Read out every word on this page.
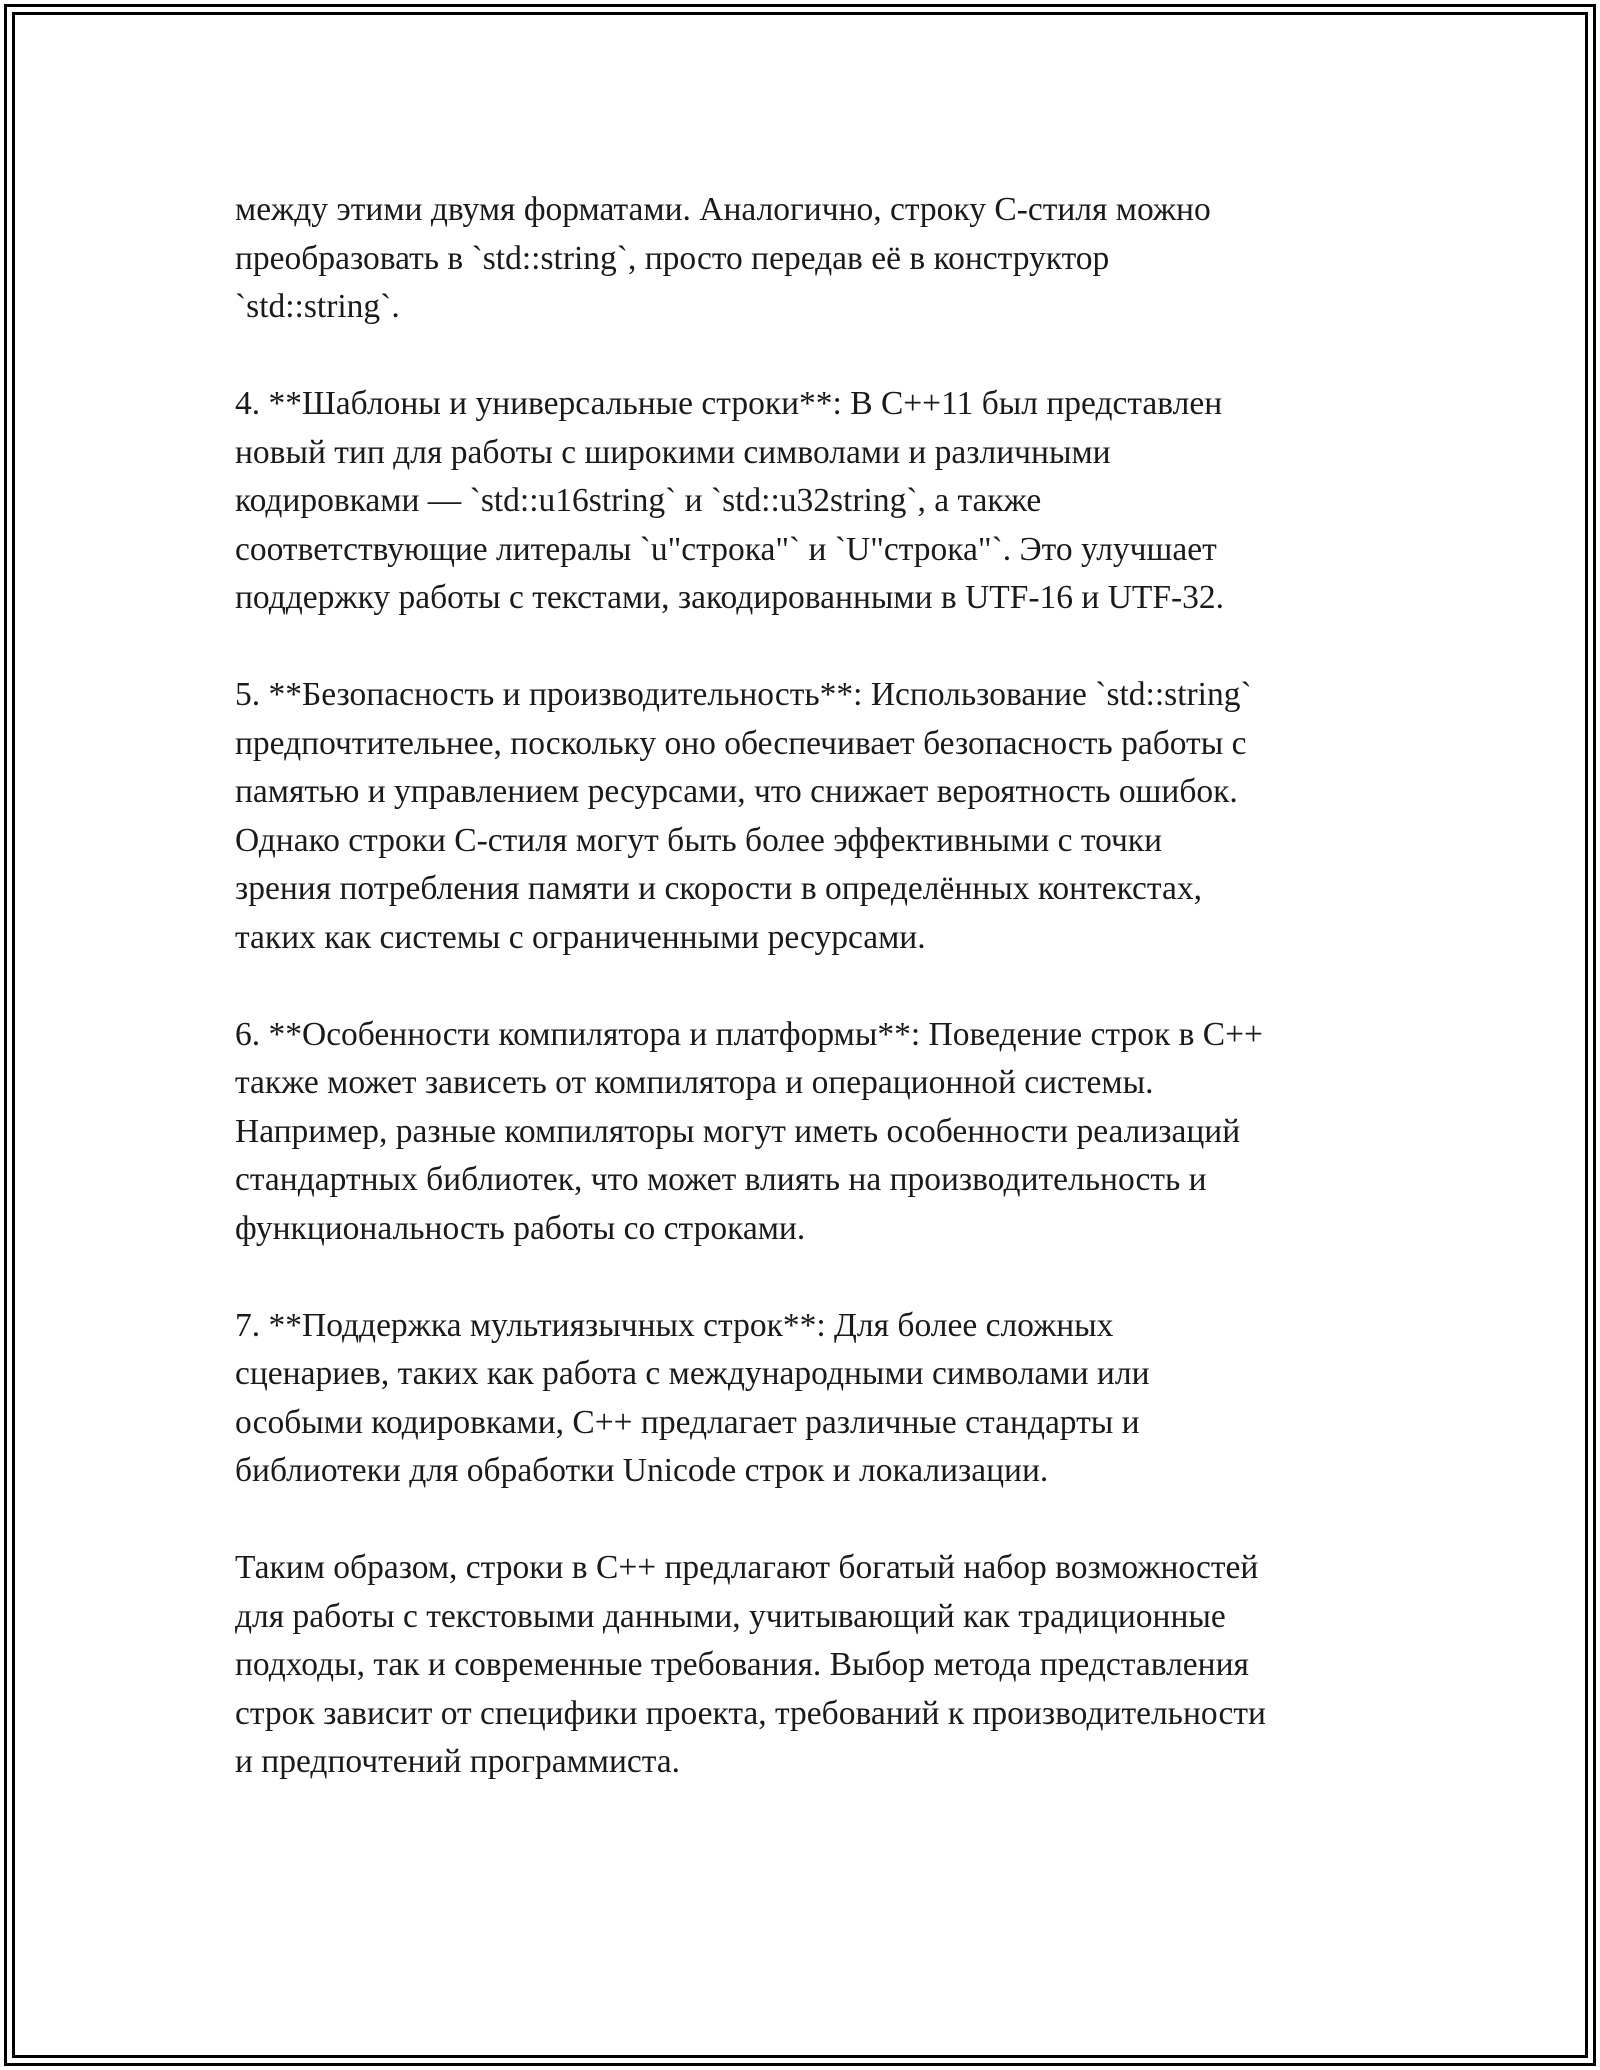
между этими двумя форматами. Аналогично, строку C-стиля можно
преобразовать в `std::string`, просто передав её в конструктор
`std::string`.
4. **Шаблоны и универсальные строки**: В C++11 был представлен
новый тип для работы с широкими символами и различными
кодировками — `std::u16string` и `std::u32string`, а также
соответствующие литералы `u"строка"` и `U"строка"`. Это улучшает
поддержку работы с текстами, закодированными в UTF-16 и UTF-32.
5. **Безопасность и производительность**: Использование `std::string`
предпочтительнее, поскольку оно обеспечивает безопасность работы с
памятью и управлением ресурсами, что снижает вероятность ошибок.
Однако строки C-стиля могут быть более эффективными с точки
зрения потребления памяти и скорости в определённых контекстах,
таких как системы с ограниченными ресурсами.
6. **Особенности компилятора и платформы**: Поведение строк в C++
также может зависеть от компилятора и операционной системы.
Например, разные компиляторы могут иметь особенности реализаций
стандартных библиотек, что может влиять на производительность и
функциональность работы со строками.
7. **Поддержка мультиязычных строк**: Для более сложных
сценариев, таких как работа с международными символами или
особыми кодировками, C++ предлагает различные стандарты и
библиотеки для обработки Unicode строк и локализации.
Таким образом, строки в C++ предлагают богатый набор возможностей
для работы с текстовыми данными, учитывающий как традиционные
подходы, так и современные требования. Выбор метода представления
строк зависит от специфики проекта, требований к производительности
и предпочтений программиста.
